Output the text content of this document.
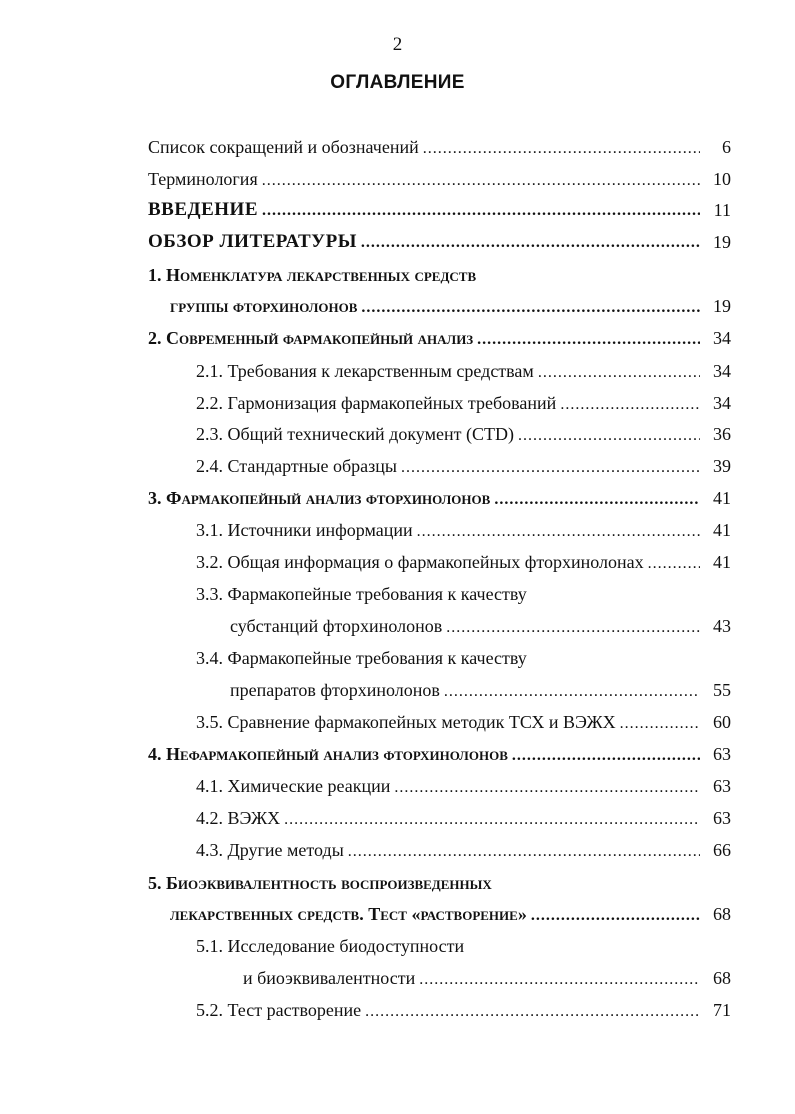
2
ОГЛАВЛЕНИЕ
Список сокращений и обозначений .....	6
Терминология .....	10
ВВЕДЕНИЕ .....	11
ОБЗОР ЛИТЕРАТУРЫ .....	19
1. Номенклатура лекарственных средств
группы фторхинолонов .....	19
2. Современный фармакопейный анализ .....	34
2.1. Требования к лекарственным средствам .....	34
2.2. Гармонизация фармакопейных требований .....	34
2.3. Общий технический документ (CTD) .....	36
2.4. Стандартные образцы .....	39
3. Фармакопейный анализ фторхинолонов .....	41
3.1. Источники информации .....	41
3.2. Общая информация о фармакопейных фторхинолонах .....	41
3.3. Фармакопейные требования к качеству
субстанций фторхинолонов .....	43
3.4. Фармакопейные требования к качеству
препаратов фторхинолонов .....	55
3.5. Сравнение фармакопейных методик ТСХ и ВЭЖХ .....	60
4. Нефармакопейный анализ фторхинолонов .....	63
4.1. Химические реакции .....	63
4.2. ВЭЖХ .....	63
4.3. Другие методы .....	66
5. Биоэквивалентность воспроизведенных
лекарственных средств. Тест «растворение» .....	68
5.1. Исследование биодоступности
и биоэквивалентности .....	68
5.2. Тест растворение .....	71
